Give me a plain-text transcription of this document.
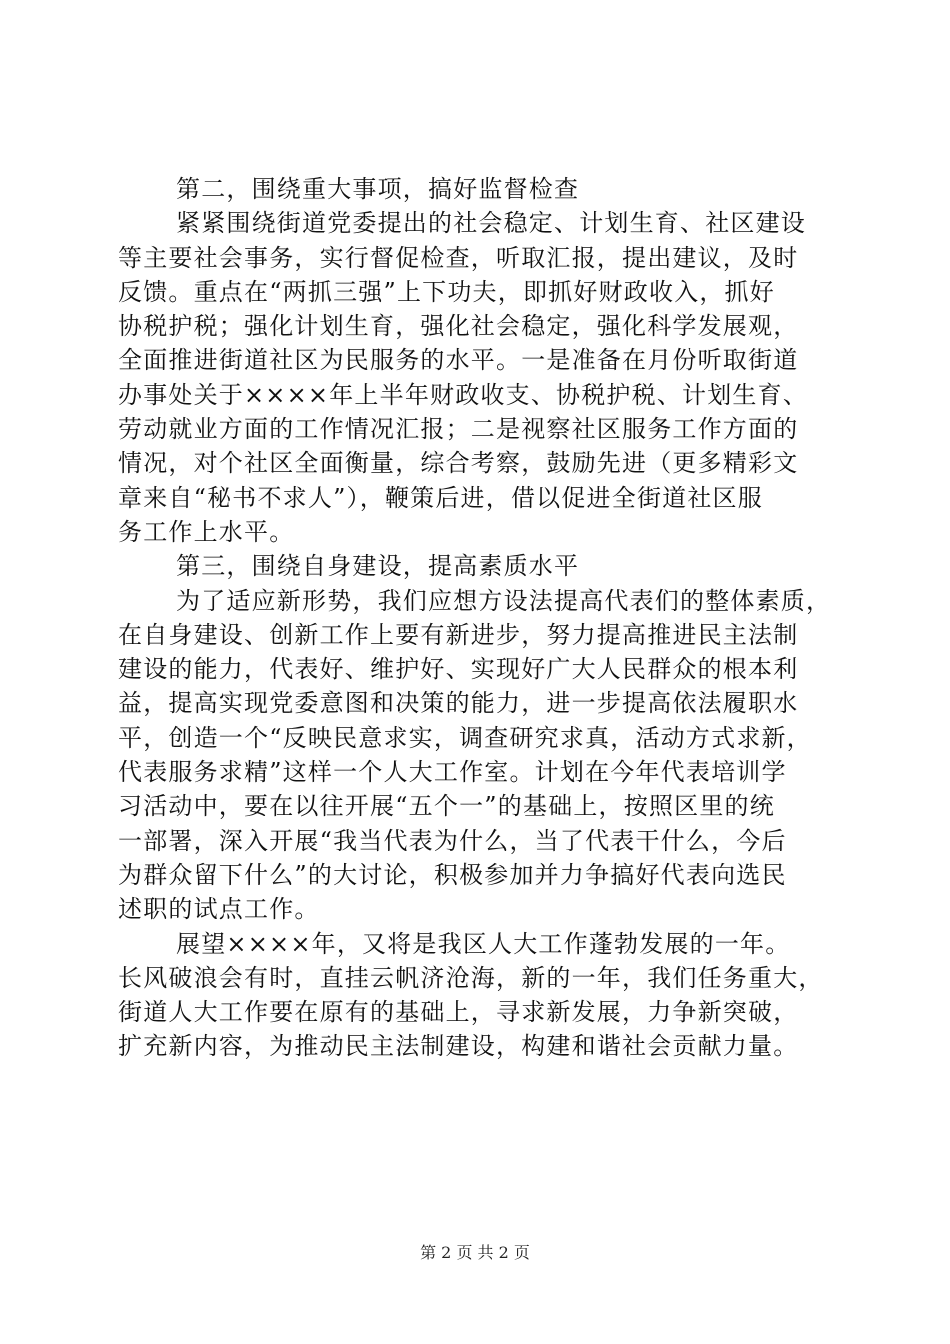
第二，围绕重大事项，搞好监督检查
紧紧围绕街道党委提出的社会稳定、计划生育、社区建设
等主要社会事务，实行督促检查，听取汇报，提出建议，及时
反馈。重点在“两抓三强”上下功夫，即抓好财政收入，抓好
协税护税；强化计划生育，强化社会稳定，强化科学发展观，
全面推进街道社区为民服务的水平。一是准备在月份听取街道
办事处关于××××年上半年财政收支、协税护税、计划生育、
劳动就业方面的工作情况汇报；二是视察社区服务工作方面的
情况，对个社区全面衡量，综合考察，鼓励先进（更多精彩文
章来自“秘书不求人”），鞭策后进，借以促进全街道社区服
务工作上水平。
第三，围绕自身建设，提高素质水平
为了适应新形势，我们应想方设法提高代表们的整体素质，
在自身建设、创新工作上要有新进步，努力提高推进民主法制
建设的能力，代表好、维护好、实现好广大人民群众的根本利
益，提高实现党委意图和决策的能力，进一步提高依法履职水
平，创造一个“反映民意求实，调查研究求真，活动方式求新，
代表服务求精”这样一个人大工作室。计划在今年代表培训学
习活动中，要在以往开展“五个一”的基础上，按照区里的统
一部署，深入开展“我当代表为什么，当了代表干什么，今后
为群众留下什么”的大讨论，积极参加并力争搞好代表向选民
述职的试点工作。
展望××××年，又将是我区人大工作蓬勃发展的一年。
长风破浪会有时，直挂云帆济沧海，新的一年，我们任务重大，
街道人大工作要在原有的基础上，寻求新发展，力争新突破，
扩充新内容，为推动民主法制建设，构建和谐社会贡献力量。
第 2 页 共 2 页
